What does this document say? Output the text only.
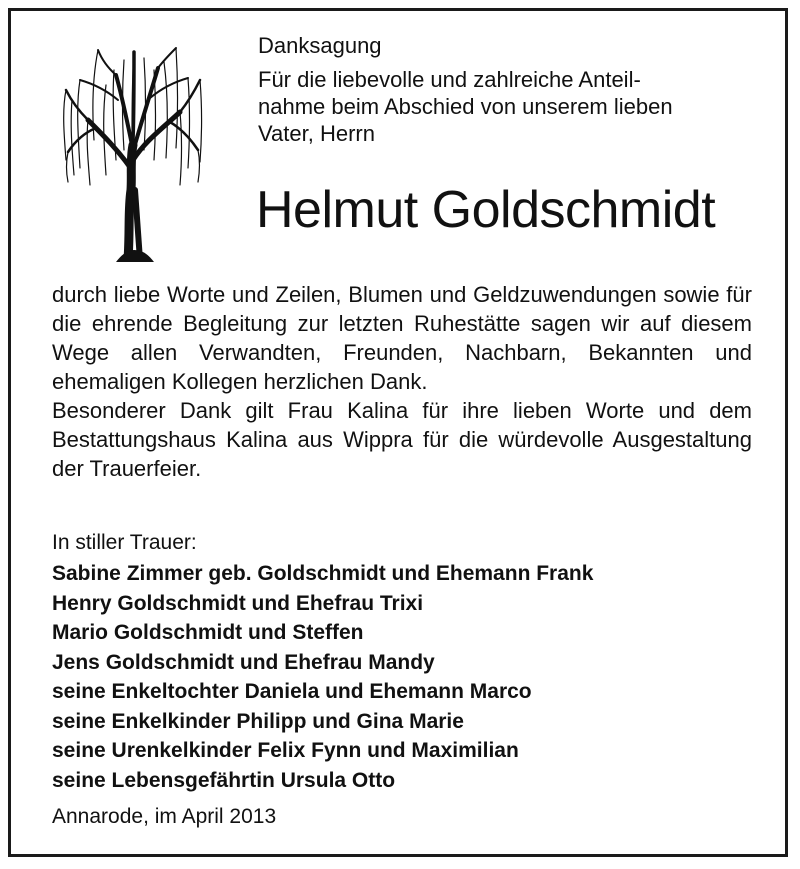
Danksagung

Für die liebevolle und zahlreiche Anteil-

nahme beim Abschied von unserem lieben

Vater, Herrn

Helmut Goldschmidt

durch liebe Worte und Zeilen, Blumen und Geldzuwendungen sowie für die ehrende Begleitung zur letzten Ruhestätte sagen wir auf diesem Wege allen Verwandten, Freunden, Nachbarn, Bekannten und ehemaligen Kollegen herzlichen Dank.

Besonderer Dank gilt Frau Kalina für ihre lieben Worte und dem Bestattungshaus Kalina aus Wippra für die würdevolle Ausgestaltung der Trauerfeier.

In stiller Trauer:

Sabine Zimmer geb. Goldschmidt und Ehemann Frank
Henry Goldschmidt und Ehefrau Trixi
Mario Goldschmidt und Steffen
Jens Goldschmidt und Ehefrau Mandy
seine Enkeltochter Daniela und Ehemann Marco
seine Enkelkinder Philipp und Gina Marie
seine Urenkelkinder Felix Fynn und Maximilian
seine Lebensgefährtin Ursula Otto
Annarode, im April 2013
